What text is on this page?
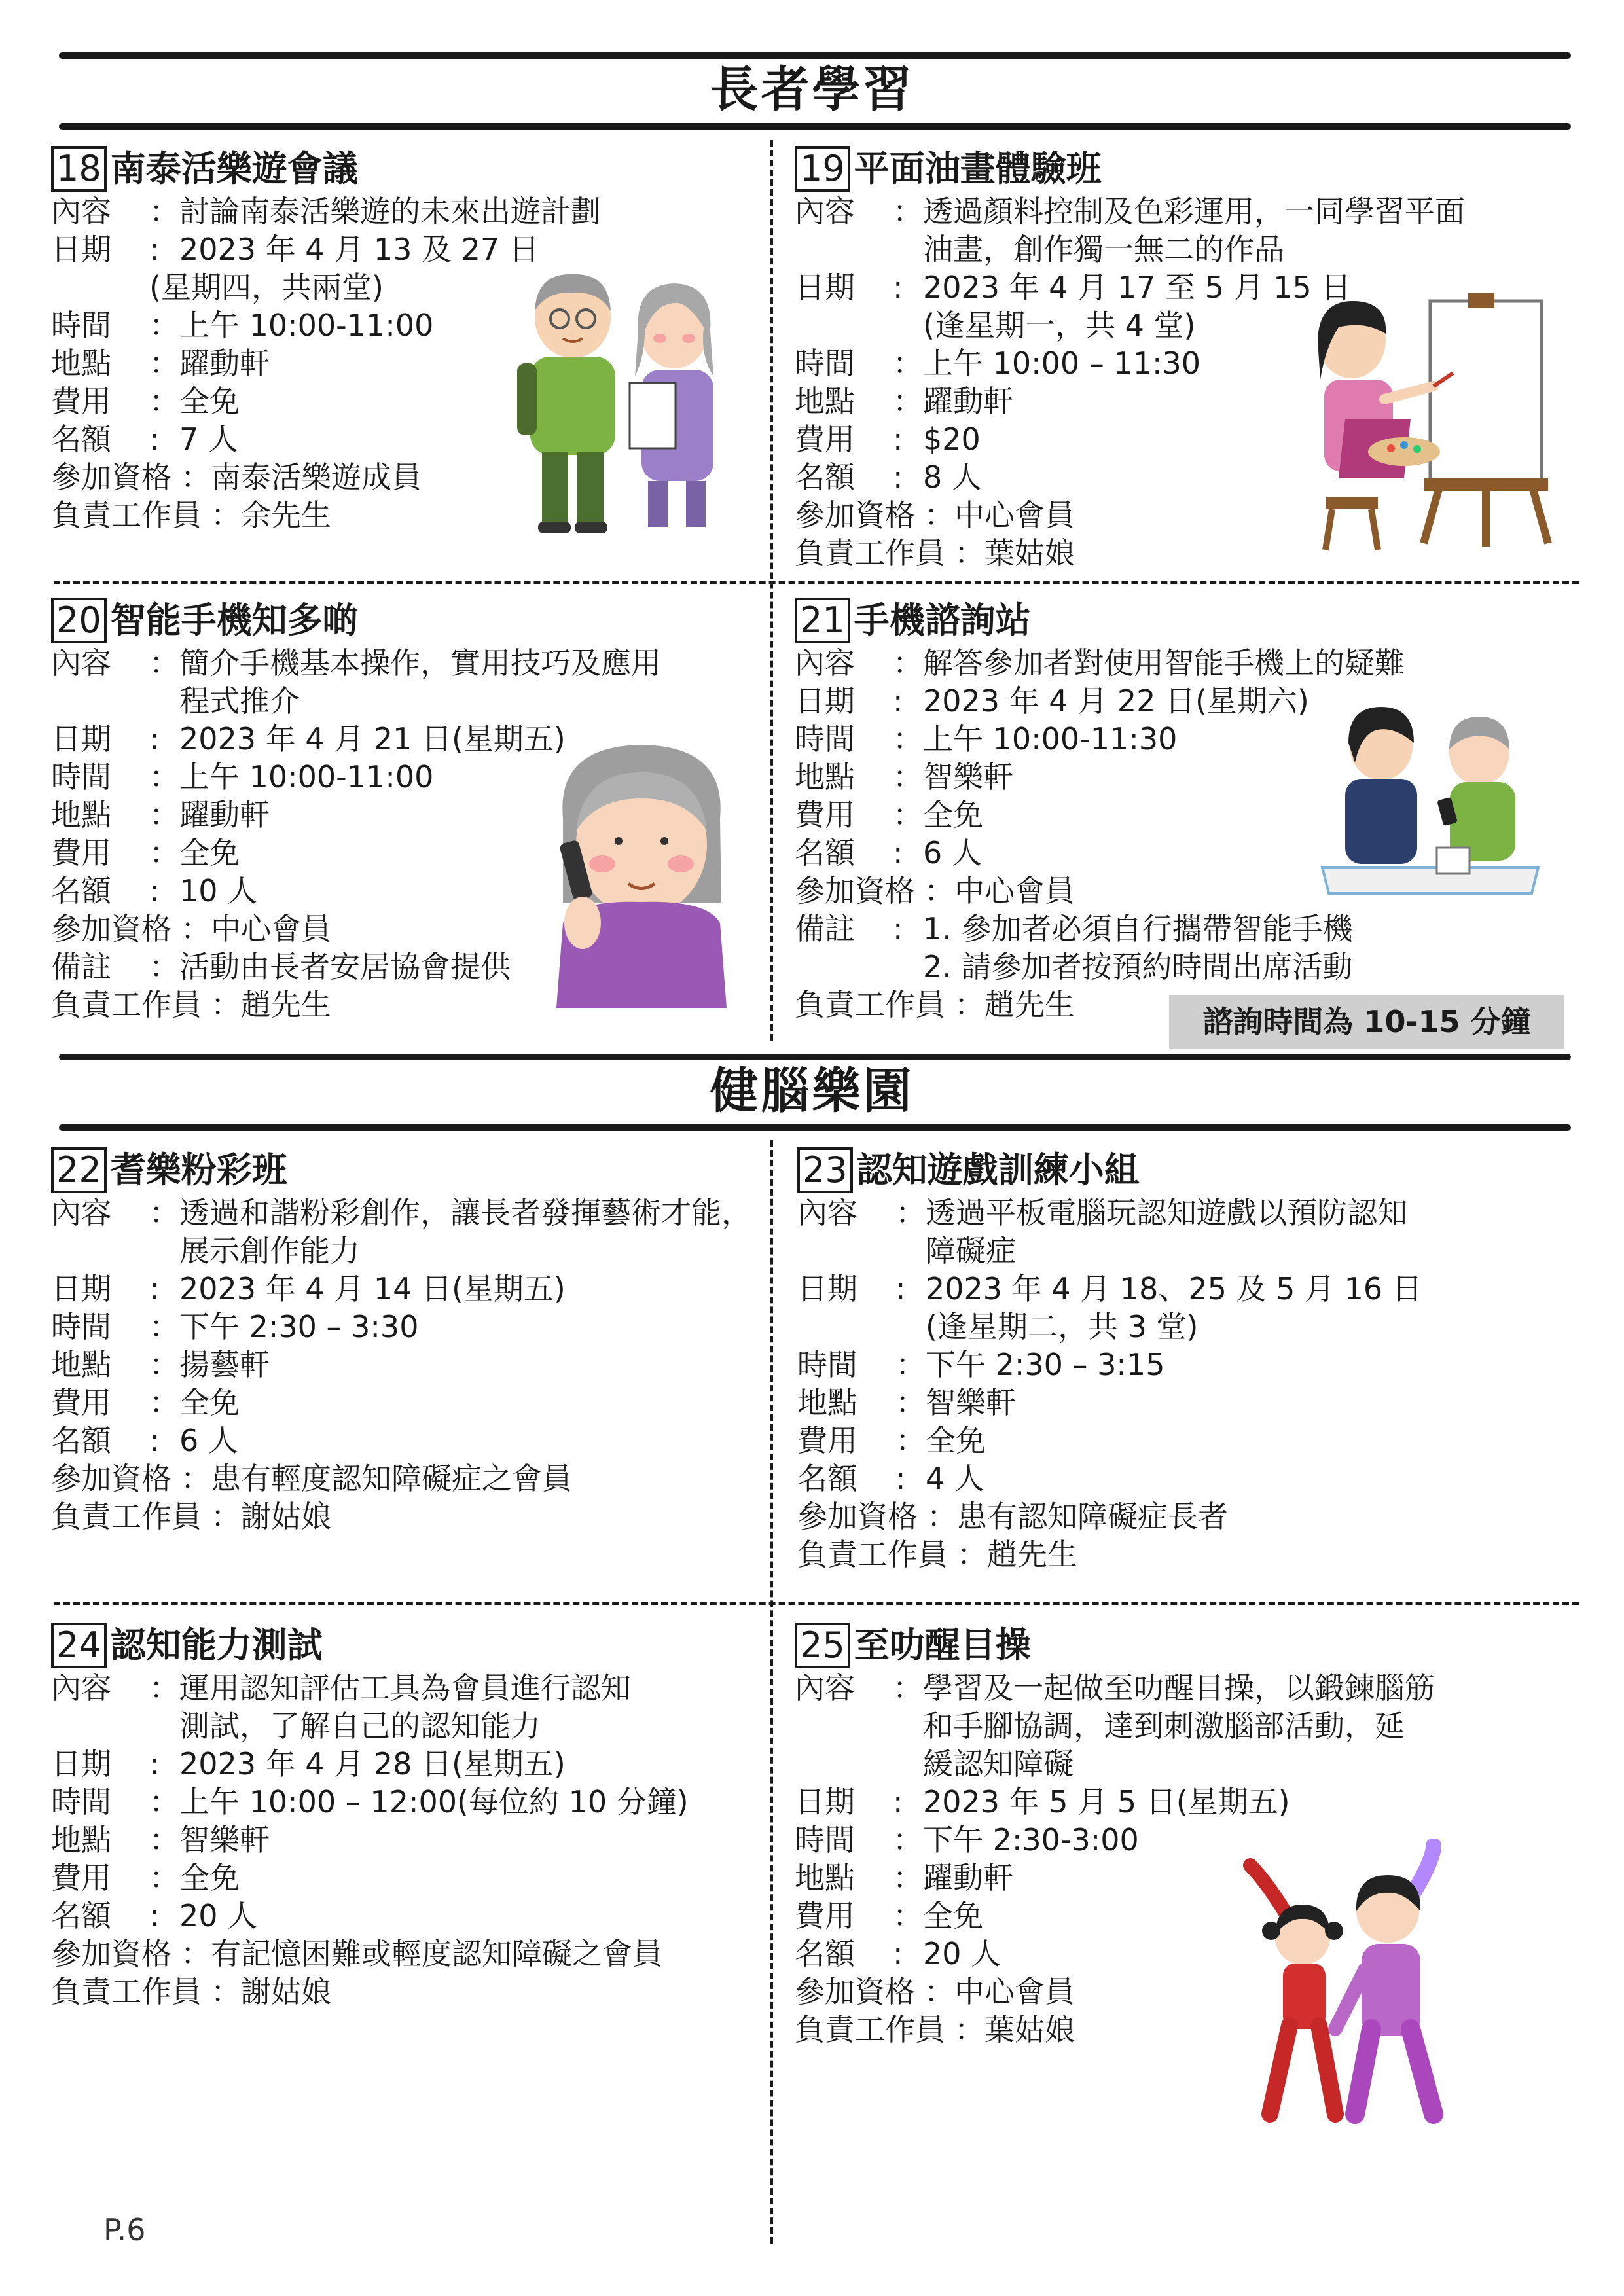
長者學習
18 南泰活樂遊會議
內容	： 討論南泰活樂遊的未來出遊計劃
日期	: 2023 年 4 月 13 及 27 日
(星期四，共兩堂)
時間	： 上午 10:00-11:00
地點	： 躍動軒
費用	： 全免
名額	: 7 人
參加資格 ： 南泰活樂遊成員
負責工作員 ： 余先生
19 平面油畫體驗班
內容	： 透過顏料控制及色彩運用，一同學習平面
油畫，創作獨一無二的作品
日期	: 2023 年 4 月 17 至 5 月 15 日
(逢星期一，共 4 堂)
時間	： 上午 10:00 – 11:30
地點	： 躍動軒
費用	: $20
名額	: 8 人
參加資格 ： 中心會員
負責工作員 ： 葉姑娘
20 智能手機知多啲
內容	： 簡介手機基本操作，實用技巧及應用
程式推介
日期	: 2023 年 4 月 21 日(星期五)
時間	： 上午 10:00-11:00
地點	： 躍動軒
費用	： 全免
名額	: 10 人
參加資格 ： 中心會員
備註	： 活動由長者安居協會提供
負責工作員 ： 趙先生
21 手機諮詢站
內容	： 解答參加者對使用智能手機上的疑難
日期	: 2023 年 4 月 22 日(星期六)
時間	： 上午 10:00-11:30
地點	： 智樂軒
費用	： 全免
名額	: 6 人
參加資格 ： 中心會員
備註	: 1. 參加者必須自行攜帶智能手機
2. 請參加者按預約時間出席活動
負責工作員 ： 趙先生	諮詢時間為 10-15 分鐘
健腦樂園
22 耆樂粉彩班
內容	： 透過和諧粉彩創作，讓長者發揮藝術才能，
展示創作能力
日期	: 2023 年 4 月 14 日(星期五)
時間	： 下午 2:30 – 3:30
地點	： 揚藝軒
費用	： 全免
名額	: 6 人
參加資格 ： 患有輕度認知障礙症之會員
負責工作員 ： 謝姑娘
23 認知遊戲訓練小組
內容	： 透過平板電腦玩認知遊戲以預防認知
障礙症
日期	: 2023 年 4 月 18、25 及 5 月 16 日
(逢星期二，共 3 堂)
時間	： 下午 2:30 – 3:15
地點	： 智樂軒
費用	： 全免
名額	: 4 人
參加資格 ： 患有認知障礙症長者
負責工作員 ： 趙先生
24 認知能力測試
內容	： 運用認知評估工具為會員進行認知
測試，了解自己的認知能力
日期	: 2023 年 4 月 28 日(星期五)
時間	： 上午 10:00 – 12:00(每位約 10 分鐘)
地點	： 智樂軒
費用	： 全免
名額	: 20 人
參加資格 ： 有記憶困難或輕度認知障礙之會員
負責工作員 ： 謝姑娘
25 至叻醒目操
內容	： 學習及一起做至叻醒目操，以鍛鍊腦筋
和手腳協調，達到刺激腦部活動，延
緩認知障礙
日期	: 2023 年 5 月 5 日(星期五)
時間	： 下午 2:30-3:00
地點	： 躍動軒
費用	： 全免
名額	: 20 人
參加資格 ： 中心會員
負責工作員 ： 葉姑娘
P.6
